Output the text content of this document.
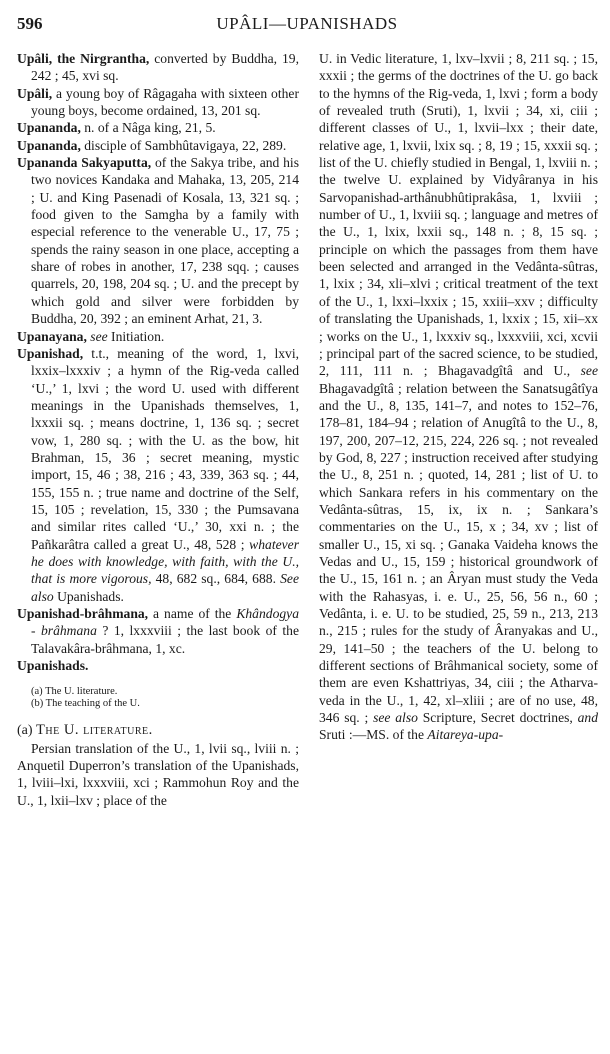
596	UPÂLI—UPANISHADS

Upâli, the Nirgrantha, converted by Buddha, 19, 242 ; 45, xvi sq.

Upâli, a young boy of Râgagaha with sixteen other young boys, become ordained, 13, 201 sq.

Upananda, n. of a Nâga king, 21, 5.

Upananda, disciple of Sambhûtavigaya, 22, 289.

Upananda Sakyaputta, of the Sakya tribe, and his two novices Kandaka and Mahaka, 13, 205, 214 ; U. and King Pasenadi of Kosala, 13, 321 sq. ; food given to the Samgha by a family with especial reference to the venerable U., 17, 75 ; spends the rainy season in one place, accepting a share of robes in another, 17, 238 sqq. ; causes quarrels, 20, 198, 204 sq. ; U. and the precept by which gold and silver were forbidden by Buddha, 20, 392 ; an eminent Arhat, 21, 3.

Upanayana, see Initiation.

Upanishad, t.t., meaning of the word, 1, lxvi, lxxix–lxxxiv ; a hymn of the Rig-veda called ‘U.,’ 1, lxvi ; the word U. used with different meanings in the Upanishads themselves, 1, lxxxii sq. ; means doctrine, 1, 136 sq. ; secret vow, 1, 280 sq. ; with the U. as the bow, hit Brahman, 15, 36 ; secret meaning, mystic import, 15, 46 ; 38, 216 ; 43, 339, 363 sq. ; 44, 155, 155 n. ; true name and doctrine of the Self, 15, 105 ; revelation, 15, 330 ; the Pumsavana and similar rites called ‘U.,’ 30, xxi n. ; the Pañkarâtra called a great U., 48, 528 ; whatever he does with knowledge, with faith, with the U., that is more vigorous, 48, 682 sq., 684, 688. See also Upanishads.

Upanishad-brâhmana, a name of the Khândogya - brâhmana ? 1, lxxxviii ; the last book of the Talavakâra-brâhmana, 1, xc.

Upanishads.

(a) The U. literature.
(b) The teaching of the U.

(a) The U. literature.

Persian translation of the U., 1, lvii sq., lviii n. ; Anquetil Duperron’s translation of the Upanishads, 1, lviii–lxi, lxxxviii, xci ; Rammohun Roy and the U., 1, lxii–lxv ; place of the

U. in Vedic literature, 1, lxv–lxvii ; 8, 211 sq. ; 15, xxxii ; the germs of the doctrines of the U. go back to the hymns of the Rig-veda, 1, lxvi ; form a body of revealed truth (Sruti), 1, lxvii ; 34, xi, ciii ; different classes of U., 1, lxvii–lxx ; their date, relative age, 1, lxvii, lxix sq. ; 8, 19 ; 15, xxxii sq. ; list of the U. chiefly studied in Bengal, 1, lxviii n. ; the twelve U. explained by Vidyâranya in his Sarvopanishad-arthânubhûtiprakâsa, 1, lxviii ; number of U., 1, lxviii sq. ; language and metres of the U., 1, lxix, lxxii sq., 148 n. ; 8, 15 sq. ; principle on which the passages from them have been selected and arranged in the Vedânta-sûtras, 1, lxix ; 34, xli–xlvi ; critical treatment of the text of the U., 1, lxxi–lxxix ; 15, xxiii–xxv ; difficulty of translating the Upanishads, 1, lxxix ; 15, xii–xx ; works on the U., 1, lxxxiv sq., lxxxviii, xci, xcvii ; principal part of the sacred science, to be studied, 2, 111, 111 n. ; Bhagavadgîtâ and U., see Bhagavadgîtâ ; relation between the Sanatsugâtîya and the U., 8, 135, 141–7, and notes to 152–76, 178–81, 184–94 ; relation of Anugîtâ to the U., 8, 197, 200, 207–12, 215, 224, 226 sq. ; not revealed by God, 8, 227 ; instruction received after studying the U., 8, 251 n. ; quoted, 14, 281 ; list of U. to which Sankara refers in his commentary on the Vedânta-sûtras, 15, ix, ix n. ; Sankara’s commentaries on the U., 15, x ; 34, xv ; list of smaller U., 15, xi sq. ; Ganaka Vaideha knows the Vedas and U., 15, 159 ; historical groundwork of the U., 15, 161 n. ; an Âryan must study the Veda with the Rahasyas, i. e. U., 25, 56, 56 n., 60 ; Vedânta, i. e. U. to be studied, 25, 59 n., 213, 213 n., 215 ; rules for the study of Âranyakas and U., 29, 141–50 ; the teachers of the U. belong to different sections of Brâhmanical society, some of them are even Kshattriyas, 34, ciii ; the Atharva-veda in the U., 1, 42, xl–xliii ; are of no use, 48, 346 sq. ; see also Scripture, Secret doctrines, and Sruti :—MS. of the Aitareya-upa-
